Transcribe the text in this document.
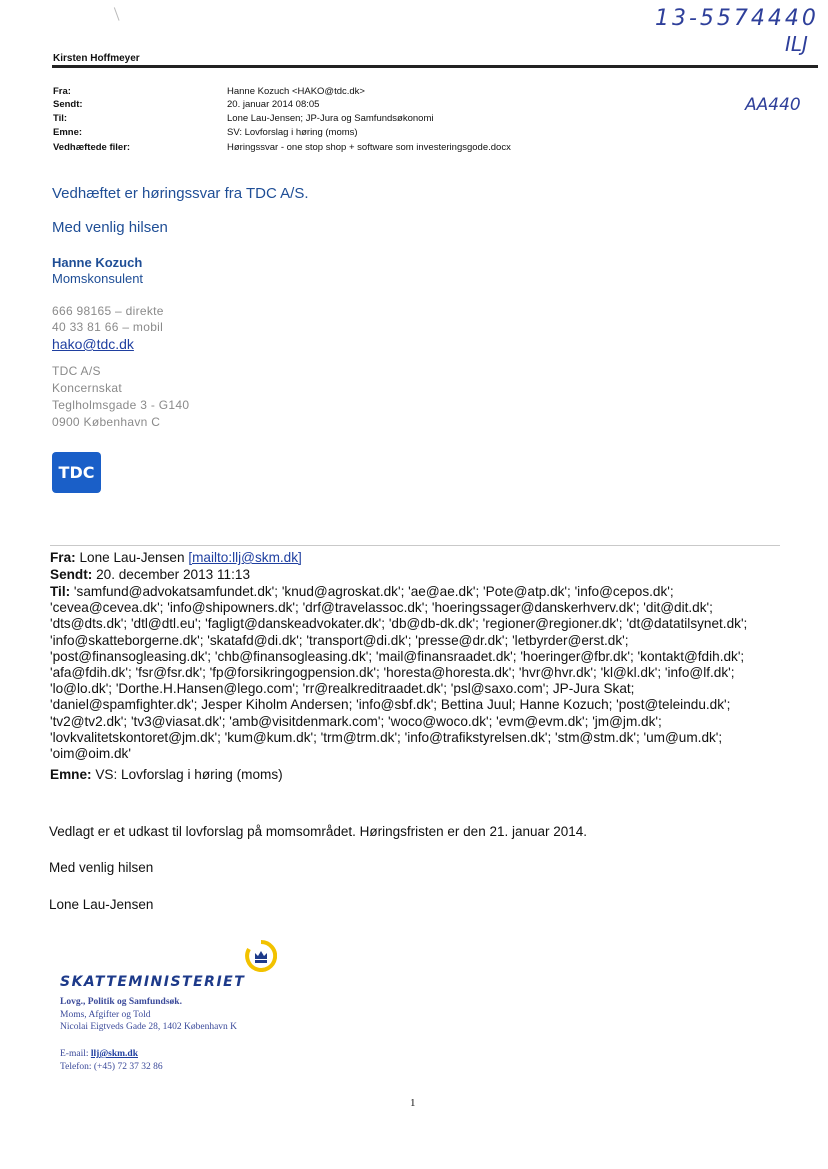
13-5574440
ILJ
AA440
Kirsten Hoffmeyer
Fra:	Hanne Kozuch <HAKO@tdc.dk>
Sendt:	20. januar 2014 08:05
Til:	Lone Lau-Jensen; JP-Jura og Samfundsøkonomi
Emne:	SV: Lovforslag i høring (moms)
Vedhæftede filer:	Høringssvar - one stop shop + software som investeringsgode.docx
Vedhæftet er høringssvar fra TDC A/S.
Med venlig hilsen
Hanne Kozuch
Momskonsulent
666 98165 – direkte
40 33 81 66 – mobil
hako@tdc.dk
TDC A/S
Koncernskat
Teglholmsgade 3 - G140
0900 København C
TDC
Fra: Lone Lau-Jensen [mailto:llj@skm.dk]
Sendt: 20. december 2013 11:13
Til: 'samfund@advokatsamfundet.dk'; 'knud@agroskat.dk'; 'ae@ae.dk'; 'Pote@atp.dk'; 'info@cepos.dk';
'cevea@cevea.dk'; 'info@shipowners.dk'; 'drf@travelassoc.dk'; 'hoeringssager@danskerhverv.dk'; 'dit@dit.dk';
'dts@dts.dk'; 'dtl@dtl.eu'; 'fagligt@danskeadvokater.dk'; 'db@db-dk.dk'; 'regioner@regioner.dk'; 'dt@datatilsynet.dk';
'info@skatteborgerne.dk'; 'skatafd@di.dk'; 'transport@di.dk'; 'presse@dr.dk'; 'letbyrder@erst.dk';
'post@finansogleasing.dk'; 'chb@finansogleasing.dk'; 'mail@finansraadet.dk'; 'hoeringer@fbr.dk'; 'kontakt@fdih.dk';
'afa@fdih.dk'; 'fsr@fsr.dk'; 'fp@forsikringogpension.dk'; 'horesta@horesta.dk'; 'hvr@hvr.dk'; 'kl@kl.dk'; 'info@lf.dk';
'lo@lo.dk'; 'Dorthe.H.Hansen@lego.com'; 'rr@realkreditraadet.dk'; 'psl@saxo.com'; JP-Jura Skat;
'daniel@spamfighter.dk'; Jesper Kiholm Andersen; 'info@sbf.dk'; Bettina Juul; Hanne Kozuch; 'post@teleindu.dk';
'tv2@tv2.dk'; 'tv3@viasat.dk'; 'amb@visitdenmark.com'; 'woco@woco.dk'; 'evm@evm.dk'; 'jm@jm.dk';
'lovkvalitetskontoret@jm.dk'; 'kum@kum.dk'; 'trm@trm.dk'; 'info@trafikstyrelsen.dk'; 'stm@stm.dk'; 'um@um.dk';
'oim@oim.dk'
Emne: VS: Lovforslag i høring (moms)
Vedlagt er et udkast til lovforslag på momsområdet. Høringsfristen er den 21. januar 2014.
Med venlig hilsen
Lone Lau-Jensen
SKATTEMINISTERIET
Lovg., Politik og Samfundsøk.
Moms, Afgifter og Told
Nicolai Eigtveds Gade 28, 1402 København K
E-mail: llj@skm.dk
Telefon: (+45) 72 37 32 86
1
